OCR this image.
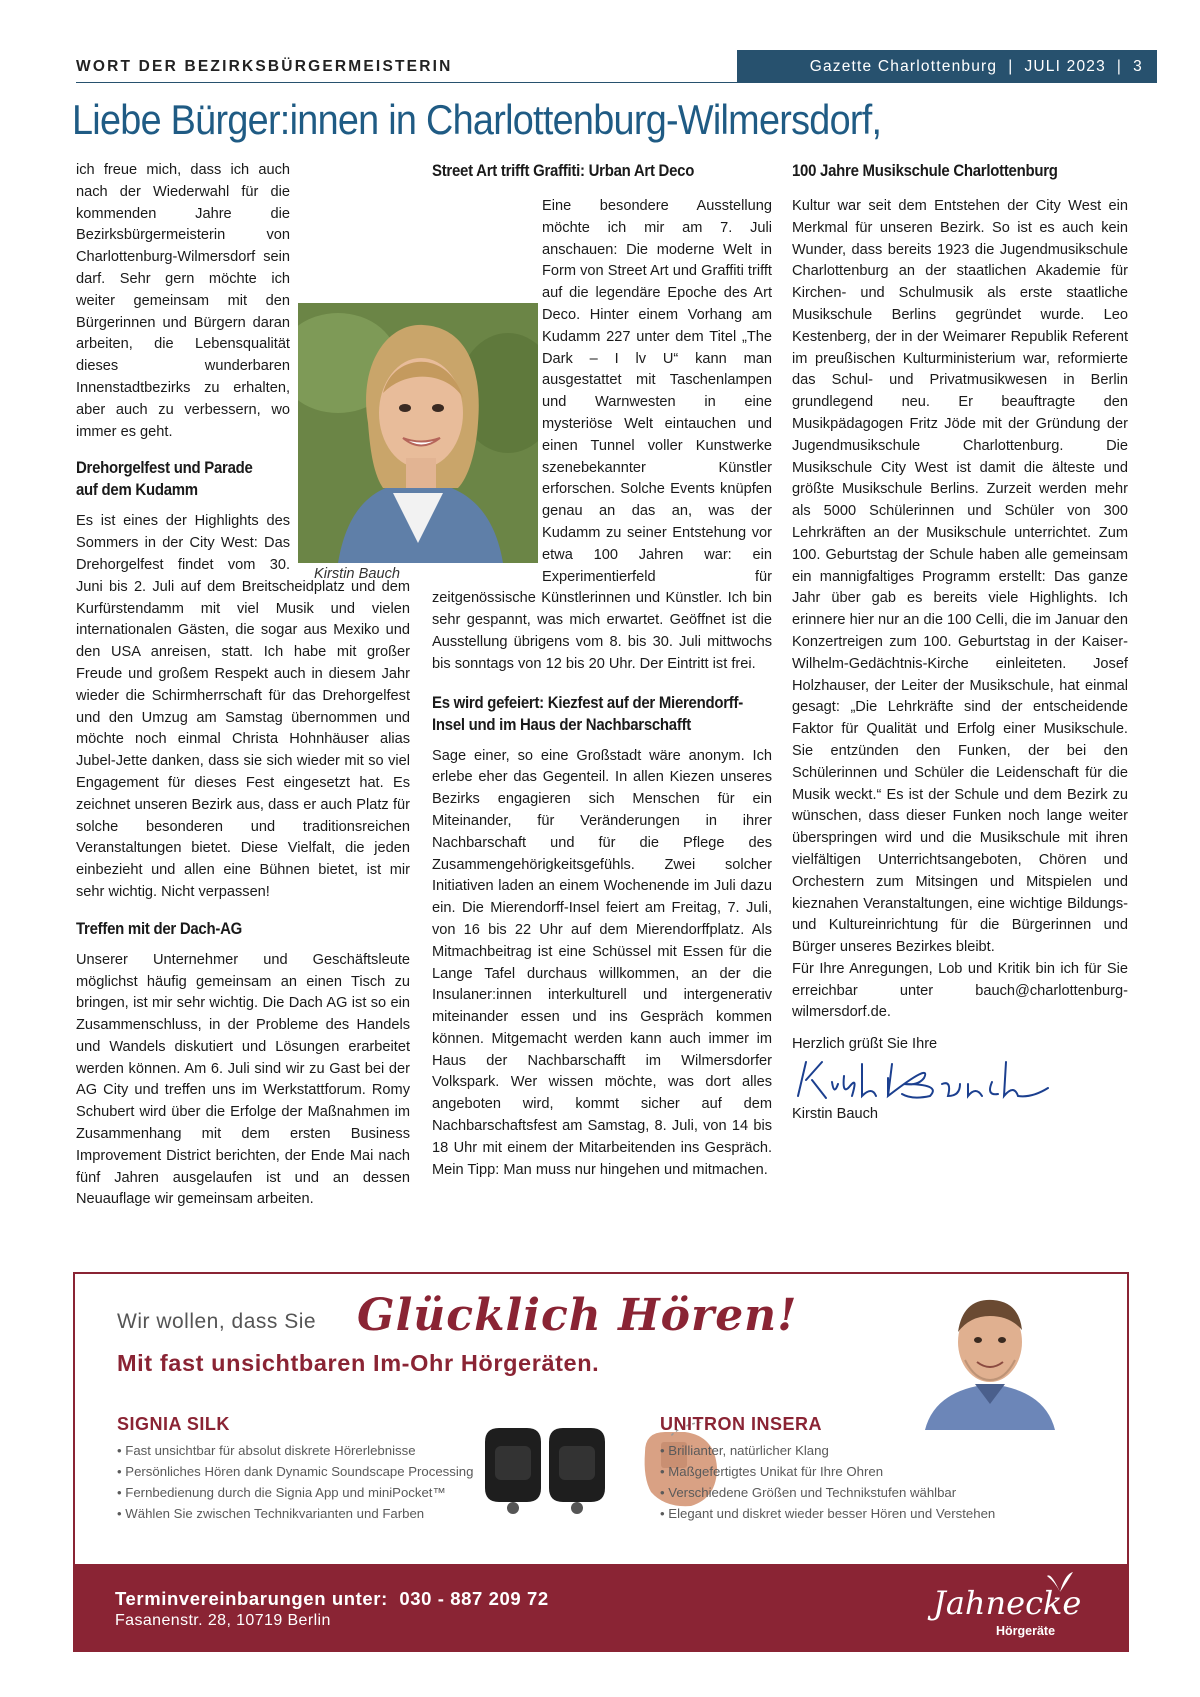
WORT DER BEZIRKSBÜRGERMEISTERIN	Gazette Charlottenburg  |  JULI 2023  |  3
Liebe Bürger:innen in Charlottenburg-Wilmersdorf,
Kirstin Bauch

ich freue mich, dass ich auch nach der Wiederwahl für die kommenden Jahre die Bezirksbürgermeisterin von Charlottenburg-Wilmersdorf sein darf. Sehr gern möchte ich weiter gemeinsam mit den Bürgerinnen und Bürgern daran arbeiten, die Lebensqualität dieses wunderbaren Innenstadtbezirks zu erhalten, aber auch zu verbessern, wo immer es geht.

Drehorgelfest und Parade
auf dem Kudamm

Es ist eines der Highlights des Sommers in der City West: Das Drehorgelfest findet vom 30. Juni bis 2. Juli auf dem Breitscheidplatz und dem Kurfürstendamm mit viel Musik und vielen internationalen Gästen, die sogar aus Mexiko und den USA anreisen, statt. Ich habe mit großer Freude und großem Respekt auch in diesem Jahr wieder die Schirmherrschaft für das Drehorgelfest und den Umzug am Samstag übernommen und möchte noch einmal Christa Hohnhäuser alias Jubel-Jette danken, dass sie sich wieder mit so viel Engagement für dieses Fest eingesetzt hat. Es zeichnet unseren Bezirk aus, dass er auch Platz für solche besonderen und traditionsreichen Veranstaltungen bietet. Diese Vielfalt, die jeden einbezieht und allen eine Bühnen bietet, ist mir sehr wichtig. Nicht verpassen!

Treffen mit der Dach-AG

Unserer Unternehmer und Geschäftsleute möglichst häufig gemeinsam an einen Tisch zu bringen, ist mir sehr wichtig. Die Dach AG ist so ein Zusammenschluss, in der Probleme des Handels und Wandels diskutiert und Lösungen erarbeitet werden können. Am 6. Juli sind wir zu Gast bei der AG City und treffen uns im Werkstattforum. Romy Schubert wird über die Erfolge der Maßnahmen im Zusammenhang mit dem ersten Business Improvement District berichten, der Ende Mai nach fünf Jahren ausgelaufen ist und an dessen Neuauflage wir gemeinsam arbeiten.

Street Art trifft Graffiti: Urban Art Deco

Eine besondere Ausstellung möchte ich mir am 7. Juli anschauen: Die moderne Welt in Form von Street Art und Graffiti trifft auf die legendäre Epoche des Art Deco. Hinter einem Vorhang am Kudamm 227 unter dem Titel „The Dark – I lv U“ kann man ausgestattet mit Taschenlampen und Warnwesten in eine mysteriöse Welt eintauchen und einen Tunnel voller Kunstwerke szenebekannter Künstler erforschen. Solche Events knüpfen genau an das an, was der Kudamm zu seiner Entstehung vor etwa 100 Jahren war: ein Experimentierfeld für zeitgenössische Künstlerinnen und Künstler. Ich bin sehr gespannt, was mich erwartet. Geöffnet ist die Ausstellung übrigens vom 8. bis 30. Juli mittwochs bis sonntags von 12 bis 20 Uhr. Der Eintritt ist frei.

Es wird gefeiert: Kiezfest auf der Mierendorff-
Insel und im Haus der Nachbarschafft

Sage einer, so eine Großstadt wäre anonym. Ich erlebe eher das Gegenteil. In allen Kiezen unseres Bezirks engagieren sich Menschen für ein Miteinander, für Veränderungen in ihrer Nachbarschaft und für die Pflege des Zusammengehörigkeitsgefühls. Zwei solcher Initiativen laden an einem Wochenende im Juli dazu ein. Die Mierendorff-Insel feiert am Freitag, 7. Juli, von 16 bis 22 Uhr auf dem Mierendorffplatz. Als Mitmachbeitrag ist eine Schüssel mit Essen für die Lange Tafel durchaus willkommen, an der die Insulaner:innen interkulturell und intergenerativ miteinander essen und ins Gespräch kommen können. Mitgemacht werden kann auch immer im Haus der Nachbarschafft im Wilmersdorfer Volkspark. Wer wissen möchte, was dort alles angeboten wird, kommt sicher auf dem Nachbarschaftsfest am Samstag, 8. Juli, von 14 bis 18 Uhr mit einem der Mitarbeitenden ins Gespräch. Mein Tipp: Man muss nur hingehen und mitmachen.

100 Jahre Musikschule Charlottenburg

Kultur war seit dem Entstehen der City West ein Merkmal für unseren Bezirk. So ist es auch kein Wunder, dass bereits 1923 die Jugendmusikschule Charlottenburg an der staatlichen Akademie für Kirchen- und Schulmusik als erste staatliche Musikschule Berlins gegründet wurde. Leo Kestenberg, der in der Weimarer Republik Referent im preußischen Kulturministerium war, reformierte das Schul- und Privatmusikwesen in Berlin grundlegend neu. Er beauftragte den Musikpädagogen Fritz Jöde mit der Gründung der Jugendmusikschule Charlottenburg. Die Musikschule City West ist damit die älteste und größte Musikschule Berlins. Zurzeit werden mehr als 5000 Schülerinnen und Schüler von 300 Lehrkräften an der Musikschule unterrichtet. Zum 100. Geburtstag der Schule haben alle gemeinsam ein mannigfaltiges Programm erstellt: Das ganze Jahr über gab es bereits viele Highlights. Ich erinnere hier nur an die 100 Celli, die im Januar den Konzertreigen zum 100. Geburtstag in der Kaiser-Wilhelm-Gedächtnis-Kirche einleiteten. Josef Holzhauser, der Leiter der Musikschule, hat einmal gesagt: „Die Lehrkräfte sind der entscheidende Faktor für Qualität und Erfolg einer Musikschule. Sie entzünden den Funken, der bei den Schülerinnen und Schüler die Leidenschaft für die Musik weckt.“ Es ist der Schule und dem Bezirk zu wünschen, dass dieser Funken noch lange weiter überspringen wird und die Musikschule mit ihren vielfältigen Unterrichtsangeboten, Chören und Orchestern zum Mitsingen und Mitspielen und kieznahen Veranstaltungen, eine wichtige Bildungs- und Kultureinrichtung für die Bürgerinnen und Bürger unseres Bezirkes bleibt.

Für Ihre Anregungen, Lob und Kritik bin ich für Sie erreichbar unter bauch@charlottenburg-wilmersdorf.de.

Herzlich grüßt Sie Ihre

Kirstin Bauch

Wir wollen, dass Sie Glücklich Hören!
Mit fast unsichtbaren Im-Ohr Hörgeräten.
SIGNIA SILK
• Fast unsichtbar für absolut diskrete Hörerlebnisse
• Persönliches Hören dank Dynamic Soundscape Processing
• Fernbedienung durch die Signia App und miniPocket™
• Wählen Sie zwischen Technikvarianten und Farben
UNITRON INSERA
• Brillianter, natürlicher Klang
• Maßgefertigtes Unikat für Ihre Ohren
• Verschiedene Größen und Technikstufen wählbar
• Elegant und diskret wieder besser Hören und Verstehen
Terminvereinbarungen unter:  030 - 887 209 72
Fasanenstr. 28, 10719 Berlin	Jahnecke
Hörgeräte
